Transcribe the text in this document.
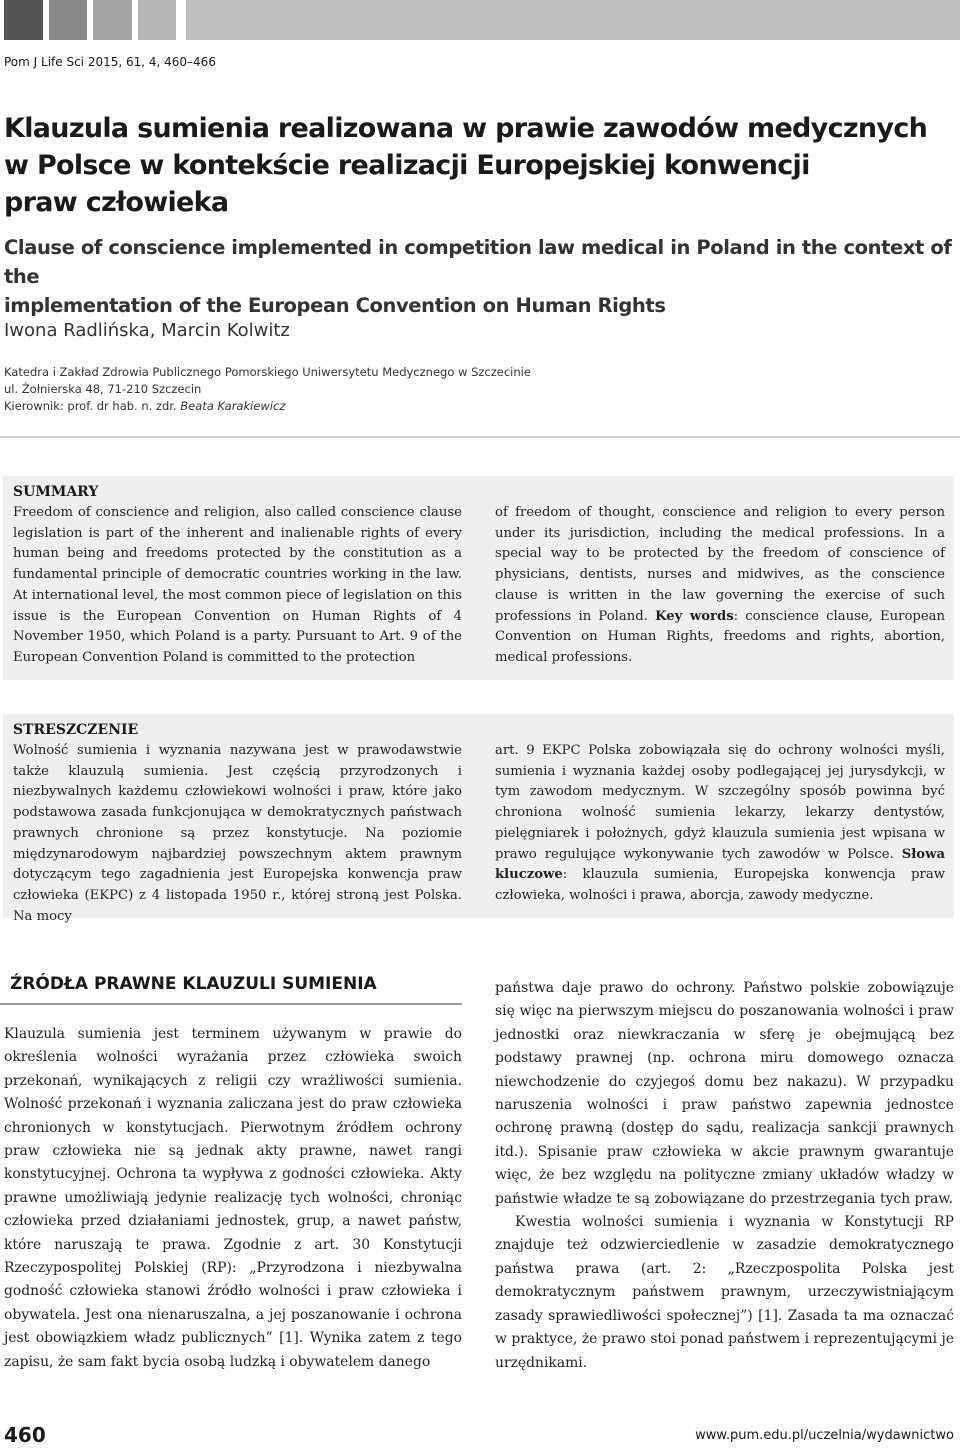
Pom J Life Sci 2015, 61, 4, 460–466
Klauzula sumienia realizowana w prawie zawodów medycznych
w Polsce w kontekście realizacji Europejskiej konwencji
praw człowieka
Clause of conscience implemented in competition law medical in Poland in the context of the
implementation of the European Convention on Human Rights
Iwona Radlińska, Marcin Kolwitz
Katedra i Zakład Zdrowia Publicznego Pomorskiego Uniwersytetu Medycznego w Szczecinie
ul. Żołnierska 48, 71-210 Szczecin
Kierownik: prof. dr hab. n. zdr. Beata Karakiewicz
SUMMARY
Freedom of conscience and religion, also called conscience clause legislation is part of the inherent and inalienable rights of every human being and freedoms protected by the constitution as a fundamental principle of democratic countries working in the law. At international level, the most common piece of legislation on this issue is the European Convention on Human Rights of 4 November 1950, which Poland is a party. Pursuant to Art. 9 of the European Convention Poland is committed to the protection
of freedom of thought, conscience and religion to every person under its jurisdiction, including the medical professions. In a special way to be protected by the freedom of conscience of physicians, dentists, nurses and midwives, as the conscience clause is written in the law governing the exercise of such professions in Poland. Key words: conscience clause, European Convention on Human Rights, freedoms and rights, abortion, medical professions.
STRESZCZENIE
Wolność sumienia i wyznania nazywana jest w prawodawstwie także klauzulą sumienia. Jest częścią przyrodzonych i niezbywalnych każdemu człowiekowi wolności i praw, które jako podstawowa zasada funkcjonująca w demokratycznych państwach prawnych chronione są przez konstytucje. Na poziomie międzynarodowym najbardziej powszechnym aktem prawnym dotyczącym tego zagadnienia jest Europejska konwencja praw człowieka (EKPC) z 4 listopada 1950 r., której stroną jest Polska. Na mocy
art. 9 EKPC Polska zobowiązała się do ochrony wolności myśli, sumienia i wyznania każdej osoby podlegającej jej jurysdykcji, w tym zawodom medycznym. W szczególny sposób powinna być chroniona wolność sumienia lekarzy, lekarzy dentystów, pielęgniarek i położnych, gdyż klauzula sumienia jest wpisana w prawo regulujące wykonywanie tych zawodów w Polsce. Słowa kluczowe: klauzula sumienia, Europejska konwencja praw człowieka, wolności i prawa, aborcja, zawody medyczne.
ŹRÓDŁA PRAWNE KLAUZULI SUMIENIA
Klauzula sumienia jest terminem używanym w prawie do określenia wolności wyrażania przez człowieka swoich przekonań, wynikających z religii czy wrażliwości sumienia. Wolność przekonań i wyznania zaliczana jest do praw człowieka chronionych w konstytucjach. Pierwotnym źródłem ochrony praw człowieka nie są jednak akty prawne, nawet rangi konstytucyjnej. Ochrona ta wypływa z godności człowieka. Akty prawne umożliwiają jedynie realizację tych wolności, chroniąc człowieka przed działaniami jednostek, grup, a nawet państw, które naruszają te prawa. Zgodnie z art. 30 Konstytucji Rzeczypospolitej Polskiej (RP): „Przyrodzona i niezbywalna godność człowieka stanowi źródło wolności i praw człowieka i obywatela. Jest ona nienaruszalna, a jej poszanowanie i ochrona jest obowiązkiem władz publicznych” [1]. Wynika zatem z tego zapisu, że sam fakt bycia osobą ludzką i obywatelem danego
państwa daje prawo do ochrony. Państwo polskie zobowiązuje się więc na pierwszym miejscu do poszanowania wolności i praw jednostki oraz niewkraczania w sferę je obejmującą bez podstawy prawnej (np. ochrona miru domowego oznacza niewchodzenie do czyjegoś domu bez nakazu). W przypadku naruszenia wolności i praw państwo zapewnia jednostce ochronę prawną (dostęp do sądu, realizacja sankcji prawnych itd.). Spisanie praw człowieka w akcie prawnym gwarantuje więc, że bez względu na polityczne zmiany układów władzy w państwie władze te są zobowiązane do przestrzegania tych praw.
Kwestia wolności sumienia i wyznania w Konstytucji RP znajduje też odzwierciedlenie w zasadzie demokratycznego państwa prawa (art. 2: „Rzeczpospolita Polska jest demokratycznym państwem prawnym, urzeczywistniającym zasady sprawiedliwości społecznej”) [1]. Zasada ta ma oznaczać w praktyce, że prawo stoi ponad państwem i reprezentującymi je urzędnikami.
460	www.pum.edu.pl/uczelnia/wydawnictwo
